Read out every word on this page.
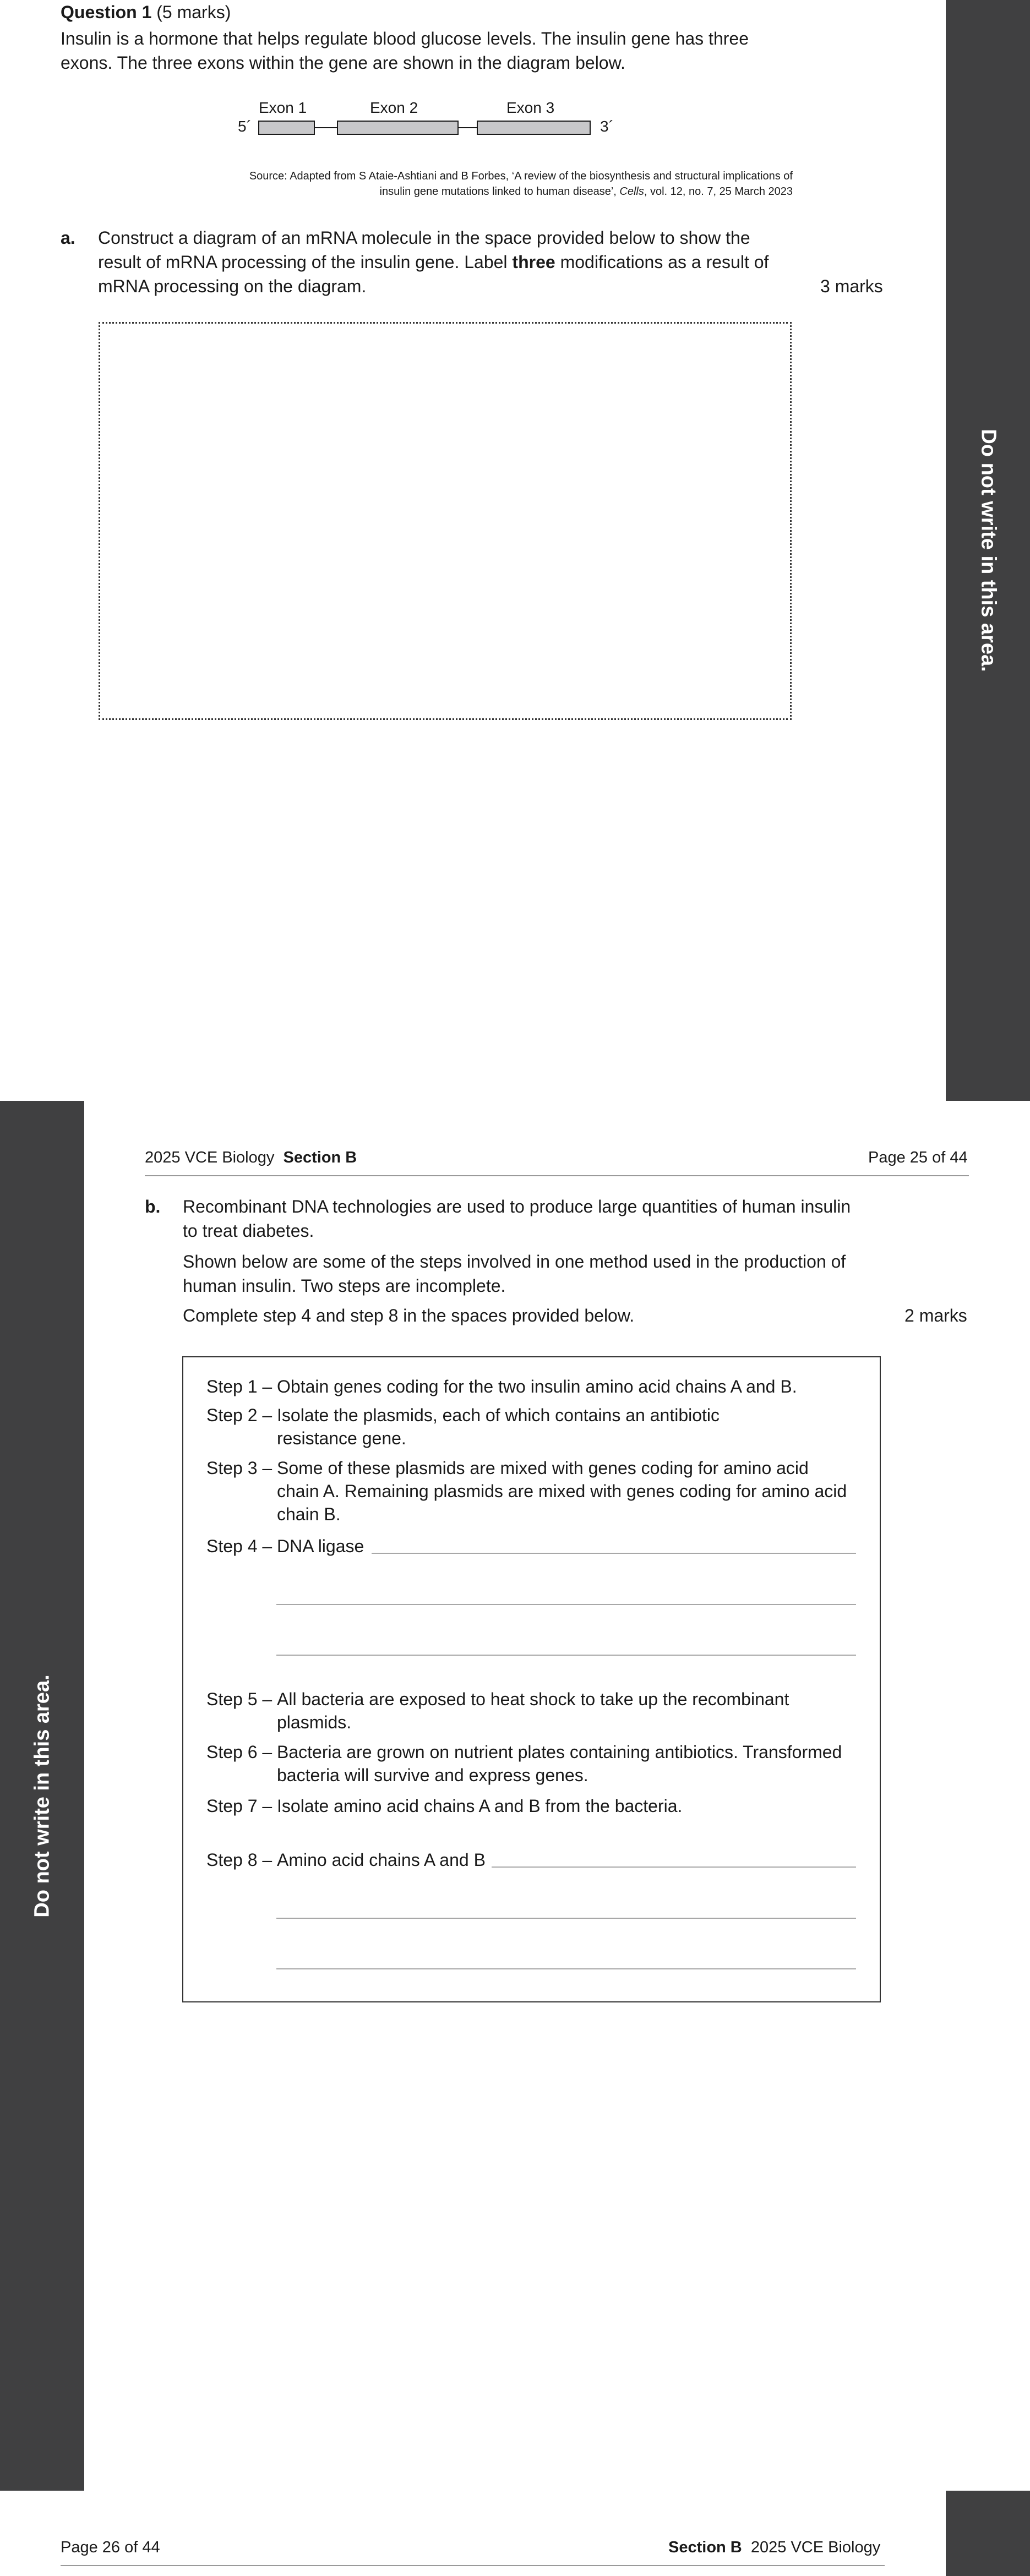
Do not write in this area.
Question 1 (5 marks)
Insulin is a hormone that helps regulate blood glucose levels. The insulin gene has three
exons. The three exons within the gene are shown in the diagram below.
Exon 1	Exon 2	Exon 3
5´	3´
Source: Adapted from S Ataie-Ashtiani and B Forbes, ‘A review of the biosynthesis and structural implications of
insulin gene mutations linked to human disease’, Cells, vol. 12, no. 7, 25 March 2023
a. Construct a diagram of an mRNA molecule in the space provided below to show the
result of mRNA processing of the insulin gene. Label three modifications as a result of
mRNA processing on the diagram.	3 marks
Do not write in this area.
2025 VCE Biology Section B	Page 25 of 44
b. Recombinant DNA technologies are used to produce large quantities of human insulin
to treat diabetes.
Shown below are some of the steps involved in one method used in the production of
human insulin. Two steps are incomplete.
Complete step 4 and step 8 in the spaces provided below.	2 marks
Step 1 – Obtain genes coding for the two insulin amino acid chains A and B.
Step 2 – Isolate the plasmids, each of which contains an antibiotic
resistance gene.
Step 3 – Some of these plasmids are mixed with genes coding for amino acid
chain A. Remaining plasmids are mixed with genes coding for amino acid
chain B.
Step 4 – DNA ligase
Step 5 – All bacteria are exposed to heat shock to take up the recombinant
plasmids.
Step 6 – Bacteria are grown on nutrient plates containing antibiotics. Transformed
bacteria will survive and express genes.
Step 7 – Isolate amino acid chains A and B from the bacteria.
Step 8 – Amino acid chains A and B
Page 26 of 44	Section B 2025 VCE Biology
